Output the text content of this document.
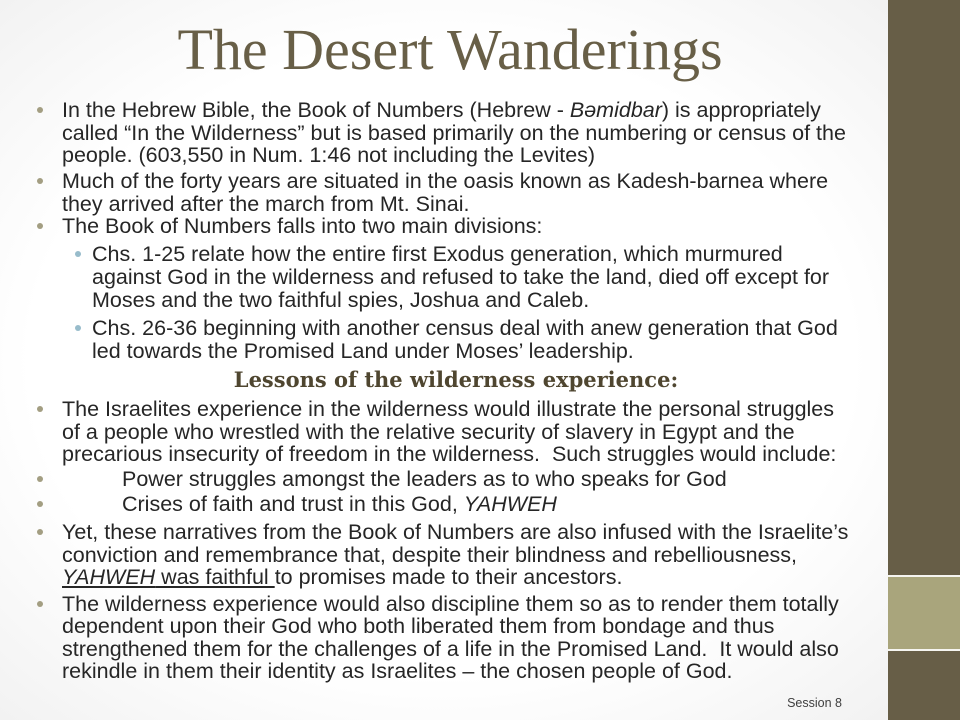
The Desert Wanderings
In the Hebrew Bible, the Book of Numbers (Hebrew - Bəmidbar) is appropriately
called “In the Wilderness” but is based primarily on the numbering or census of the
people. (603,550 in Num. 1:46 not including the Levites)
Much of the forty years are situated in the oasis known as Kadesh-barnea where
they arrived after the march from Mt. Sinai.
The Book of Numbers falls into two main divisions:
Chs. 1-25 relate how the entire first Exodus generation, which murmured
against God in the wilderness and refused to take the land, died off except for
Moses and the two faithful spies, Joshua and Caleb.
Chs. 26-36 beginning with another census deal with anew generation that God
led towards the Promised Land under Moses’ leadership.
Lessons of the wilderness experience:
The Israelites experience in the wilderness would illustrate the personal struggles
of a people who wrestled with the relative security of slavery in Egypt and the
precarious insecurity of freedom in the wilderness.  Such struggles would include:
Power struggles amongst the leaders as to who speaks for God
Crises of faith and trust in this God, YAHWEH
Yet, these narratives from the Book of Numbers are also infused with the Israelite’s
conviction and remembrance that, despite their blindness and rebelliousness,
YAHWEH was faithful to promises made to their ancestors.
The wilderness experience would also discipline them so as to render them totally
dependent upon their God who both liberated them from bondage and thus
strengthened them for the challenges of a life in the Promised Land.  It would also
rekindle in them their identity as Israelites – the chosen people of God.
Session 8
